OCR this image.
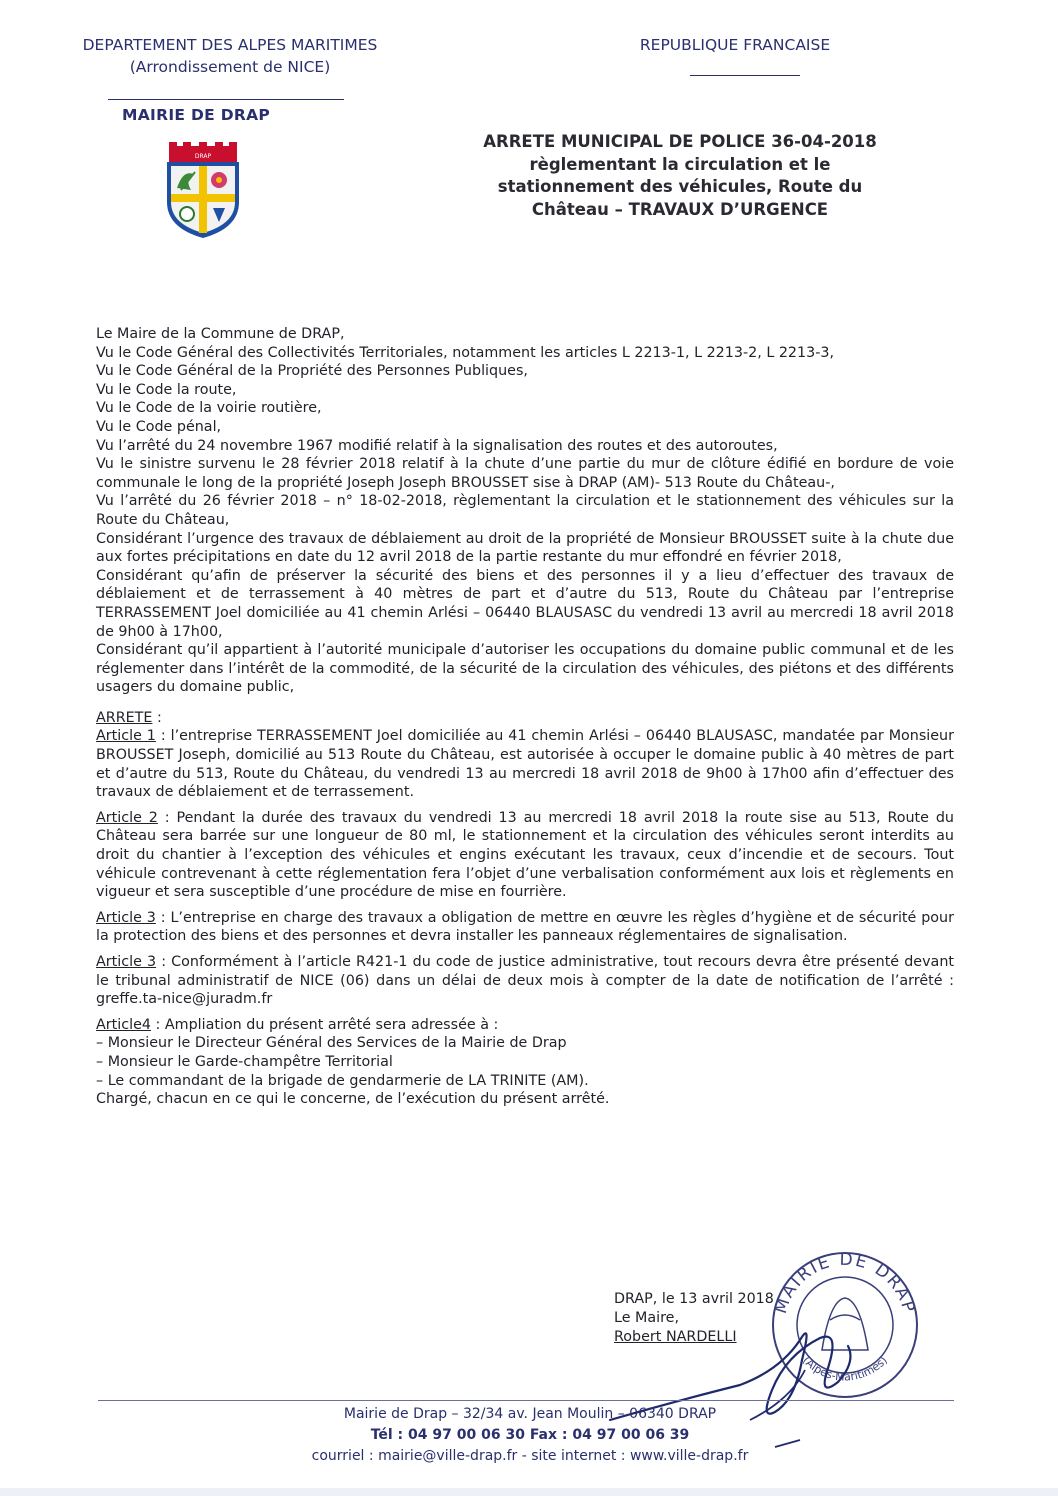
DEPARTEMENT DES ALPES MARITIMES
(Arrondissement de NICE)
REPUBLIQUE FRANCAISE
MAIRIE DE DRAP
DRAP
ARRETE MUNICIPAL DE POLICE 36-04-2018
règlementant la circulation et le
stationnement des véhicules, Route du
Château – TRAVAUX D’URGENCE

Le Maire de la Commune de DRAP,

Vu le Code Général des Collectivités Territoriales, notamment les articles L 2213-1, L 2213-2, L 2213-3,

Vu le Code Général de la Propriété des Personnes Publiques,

Vu le Code la route,

Vu le Code de la voirie routière,

Vu le Code pénal,

Vu l’arrêté du 24 novembre 1967 modifié relatif à la signalisation des routes et des autoroutes,

Vu le sinistre survenu le 28 février 2018 relatif à la chute d’une partie du mur de clôture édifié en bordure de voie communale le long de la propriété Joseph Joseph BROUSSET sise à DRAP (AM)- 513 Route du Château-,

Vu l’arrêté du 26 février 2018 – n° 18-02-2018, règlementant la circulation et le stationnement des véhicules sur la Route du Château,

Considérant l’urgence des travaux de déblaiement au droit de la propriété de Monsieur BROUSSET suite à la chute due aux fortes précipitations en date du 12 avril 2018 de la partie restante du mur effondré en février 2018,

Considérant qu’afin de préserver la sécurité des biens et des personnes il y a lieu d’effectuer des travaux de déblaiement et de terrassement à 40 mètres de part et d’autre du 513, Route du Château par l’entreprise TERRASSEMENT Joel domiciliée au 41 chemin Arlési – 06440 BLAUSASC du vendredi 13 avril au mercredi 18 avril 2018 de 9h00 à 17h00,

Considérant qu’il appartient à l’autorité municipale d’autoriser les occupations du domaine public communal et de les réglementer dans l’intérêt de la commodité, de la sécurité de la circulation des véhicules, des piétons et des différents usagers du domaine public,

ARRETE :

Article 1 : l’entreprise TERRASSEMENT Joel domiciliée au 41 chemin Arlési – 06440 BLAUSASC, mandatée par Monsieur BROUSSET Joseph, domicilié au 513 Route du Château, est autorisée à occuper le domaine public à 40 mètres de part et d’autre du 513, Route du Château, du vendredi 13 au mercredi 18 avril 2018 de 9h00 à 17h00 afin d’effectuer des travaux de déblaiement et de terrassement.

Article 2 : Pendant la durée des travaux du vendredi 13 au mercredi 18 avril 2018 la route sise au 513, Route du Château sera barrée sur une longueur de 80 ml, le stationnement et la circulation des véhicules seront interdits au droit du chantier à l’exception des véhicules et engins exécutant les travaux, ceux d’incendie et de secours. Tout véhicule contrevenant à cette réglementation fera l’objet d’une verbalisation conformément aux lois et règlements en vigueur et sera susceptible d’une procédure de mise en fourrière.

Article 3 : L’entreprise en charge des travaux a obligation de mettre en œuvre les règles d’hygiène et de sécurité pour la protection des biens et des personnes et devra installer les panneaux réglementaires de signalisation.

Article 3 : Conformément à l’article R421-1 du code de justice administrative, tout recours devra être présenté devant le tribunal administratif de NICE (06) dans un délai de deux mois à compter de la date de notification de l’arrêté : greffe.ta-nice@juradm.fr

Article4 : Ampliation du présent arrêté sera adressée à :

– Monsieur le Directeur Général des Services de la Mairie de Drap

– Monsieur le Garde-champêtre Territorial

– Le commandant de la brigade de gendarmerie de LA TRINITE (AM).

Chargé, chacun en ce qui le concerne, de l’exécution du présent arrêté.

MAIRIE DE DRAP
(Alpes-Maritimes)
DRAP, le 13 avril 2018
Le Maire,
Robert NARDELLI
Mairie de Drap – 32/34 av. Jean Moulin – 06340 DRAP
Tél : 04 97 00 06 30 Fax : 04 97 00 06 39
courriel : mairie@ville-drap.fr - site internet : www.ville-drap.fr
